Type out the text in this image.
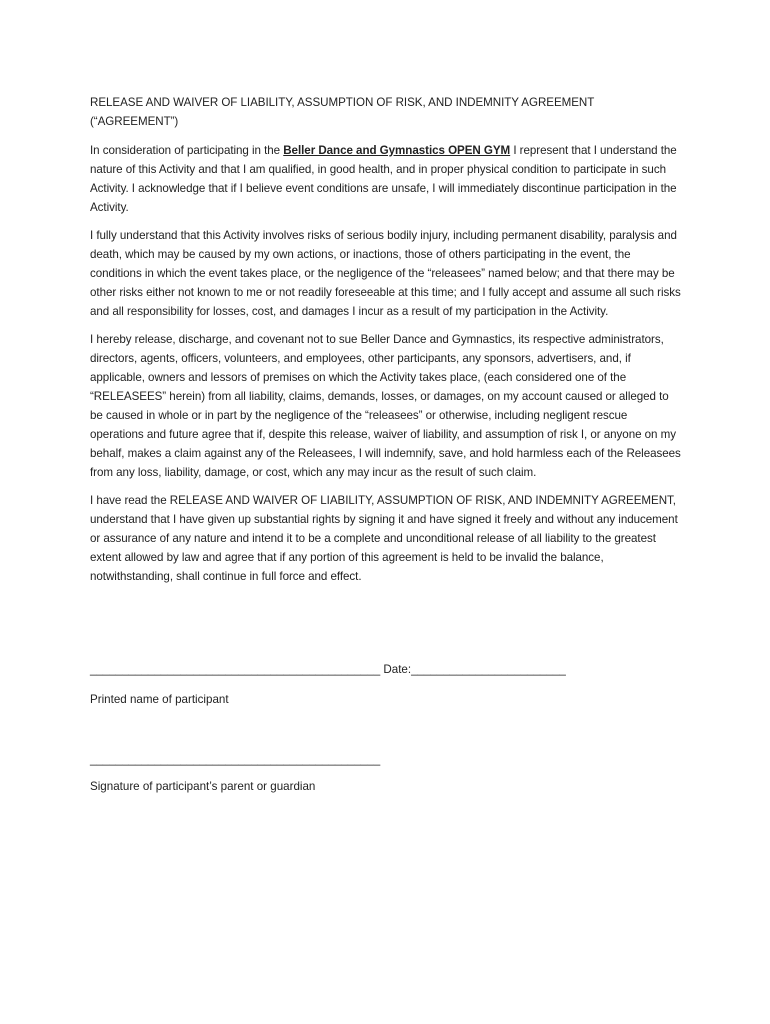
RELEASE AND WAIVER OF LIABILITY, ASSUMPTION OF RISK, AND INDEMNITY AGREEMENT
(“AGREEMENT”)

In consideration of participating in the Beller Dance and Gymnastics OPEN GYM I represent that I understand the nature of this Activity and that I am qualified, in good health, and in proper physical condition to participate in such Activity. I acknowledge that if I believe event conditions are unsafe, I will immediately discontinue participation in the Activity.

I fully understand that this Activity involves risks of serious bodily injury, including permanent disability, paralysis and death, which may be caused by my own actions, or inactions, those of others participating in the event, the conditions in which the event takes place, or the negligence of the “releasees” named below; and that there may be other risks either not known to me or not readily foreseeable at this time; and I fully accept and assume all such risks and all responsibility for losses, cost, and damages I incur as a result of my participation in the Activity.

I hereby release, discharge, and covenant not to sue Beller Dance and Gymnastics, its respective administrators, directors, agents, officers, volunteers, and employees, other participants, any sponsors, advertisers, and, if applicable, owners and lessors of premises on which the Activity takes place, (each considered one of the “RELEASEES” herein) from all liability, claims, demands, losses, or damages, on my account caused or alleged to be caused in whole or in part by the negligence of the “releasees” or otherwise, including negligent rescue operations and future agree that if, despite this release, waiver of liability, and assumption of risk I, or anyone on my behalf, makes a claim against any of the Releasees, I will indemnify, save, and hold harmless each of the Releasees from any loss, liability, damage, or cost, which any may incur as the result of such claim.

I have read the RELEASE AND WAIVER OF LIABILITY, ASSUMPTION OF RISK, AND INDEMNITY AGREEMENT, understand that I have given up substantial rights by signing it and have signed it freely and without any inducement or assurance of any nature and intend it to be a complete and unconditional release of all liability to the greatest extent allowed by law and agree that if any portion of this agreement is held to be invalid the balance, notwithstanding, shall continue in full force and effect.

_____________________________________________ Date:________________________
Printed name of participant
_____________________________________________
Signature of participant’s parent or guardian
